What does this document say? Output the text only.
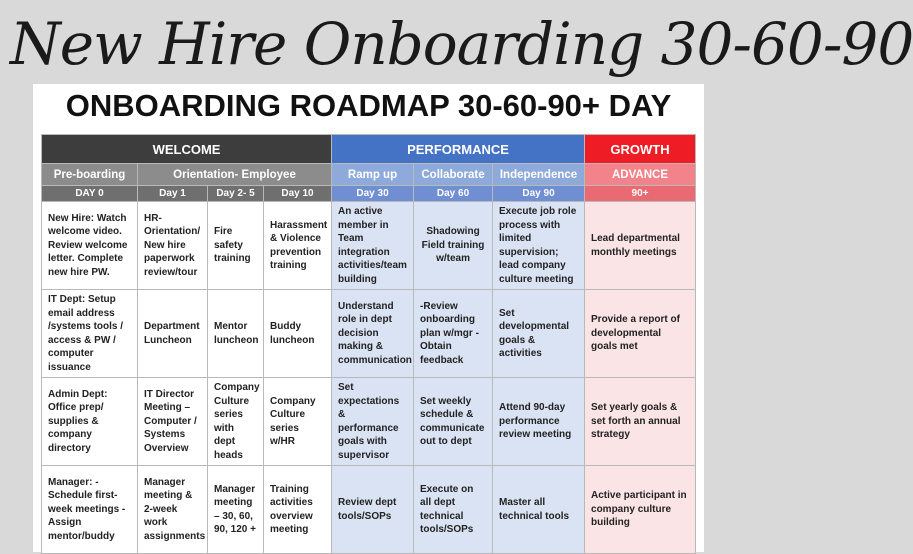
New Hire Onboarding 30-60-90
ONBOARDING ROADMAP 30-60-90+ DAY
WELCOME				PERFORMANCE			GROWTH
Pre-boarding	Orientation- Employee			Ramp up	Collaborate	Independence	ADVANCE
DAY 0	Day 1	Day 2- 5	Day 10	Day 30	Day 60	Day 90	90+
New Hire: Watch welcome video. Review welcome letter. Complete new hire PW.	HR-Orientation/ New hire paperwork review/tour	Fire safety training	Harassment & Violence prevention training	An active member in Team integration activities/team building	Shadowing Field training w/team	Execute job role process with limited supervision; lead company culture meeting	Lead departmental monthly meetings
IT Dept: Setup email address /systems tools / access & PW / computer issuance	Department Luncheon	Mentor luncheon	Buddy luncheon	Understand role in dept decision making & communication	-Review onboarding plan w/mgr -Obtain feedback	Set developmental goals & activities	Provide a report of developmental goals met
Admin Dept: Office prep/ supplies & company directory	IT Director Meeting – Computer / Systems Overview	Company Culture series with dept heads	Company Culture series w/HR	Set expectations & performance goals with supervisor	Set weekly schedule & communicate out to dept	Attend 90-day performance review meeting	Set yearly goals & set forth an annual strategy
Manager: -Schedule first-week meetings -Assign mentor/buddy	Manager meeting & 2-week work assignments	Manager meeting – 30, 60, 90, 120 +	Training activities overview meeting	Review dept tools/SOPs	Execute on all dept technical tools/SOPs	Master all technical tools	Active participant in company culture building
